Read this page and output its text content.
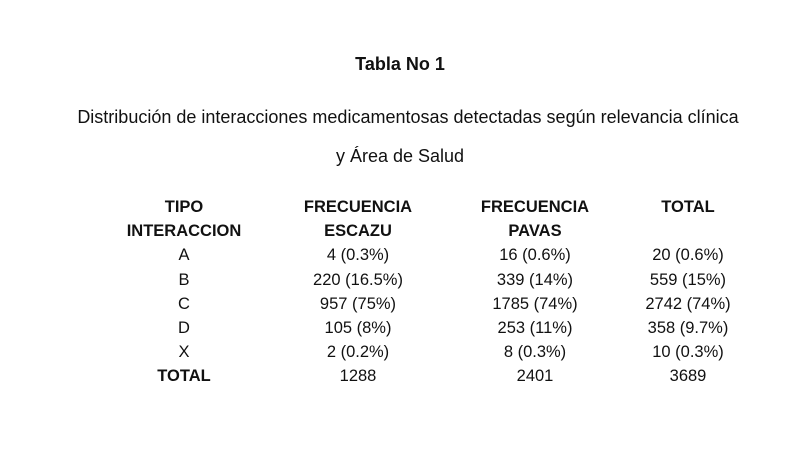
Tabla No 1
Distribución de interacciones medicamentosas detectadas según relevancia clínica
y Área de Salud
TIPO	FRECUENCIA	FRECUENCIA	TOTAL
INTERACCION	ESCAZU	PAVAS	
A	4 (0.3%)	16 (0.6%)	20 (0.6%)
B	220 (16.5%)	339 (14%)	559 (15%)
C	957 (75%)	1785 (74%)	2742 (74%)
D	105 (8%)	253 (11%)	358 (9.7%)
X	2 (0.2%)	8 (0.3%)	10 (0.3%)
TOTAL	1288	2401	3689
